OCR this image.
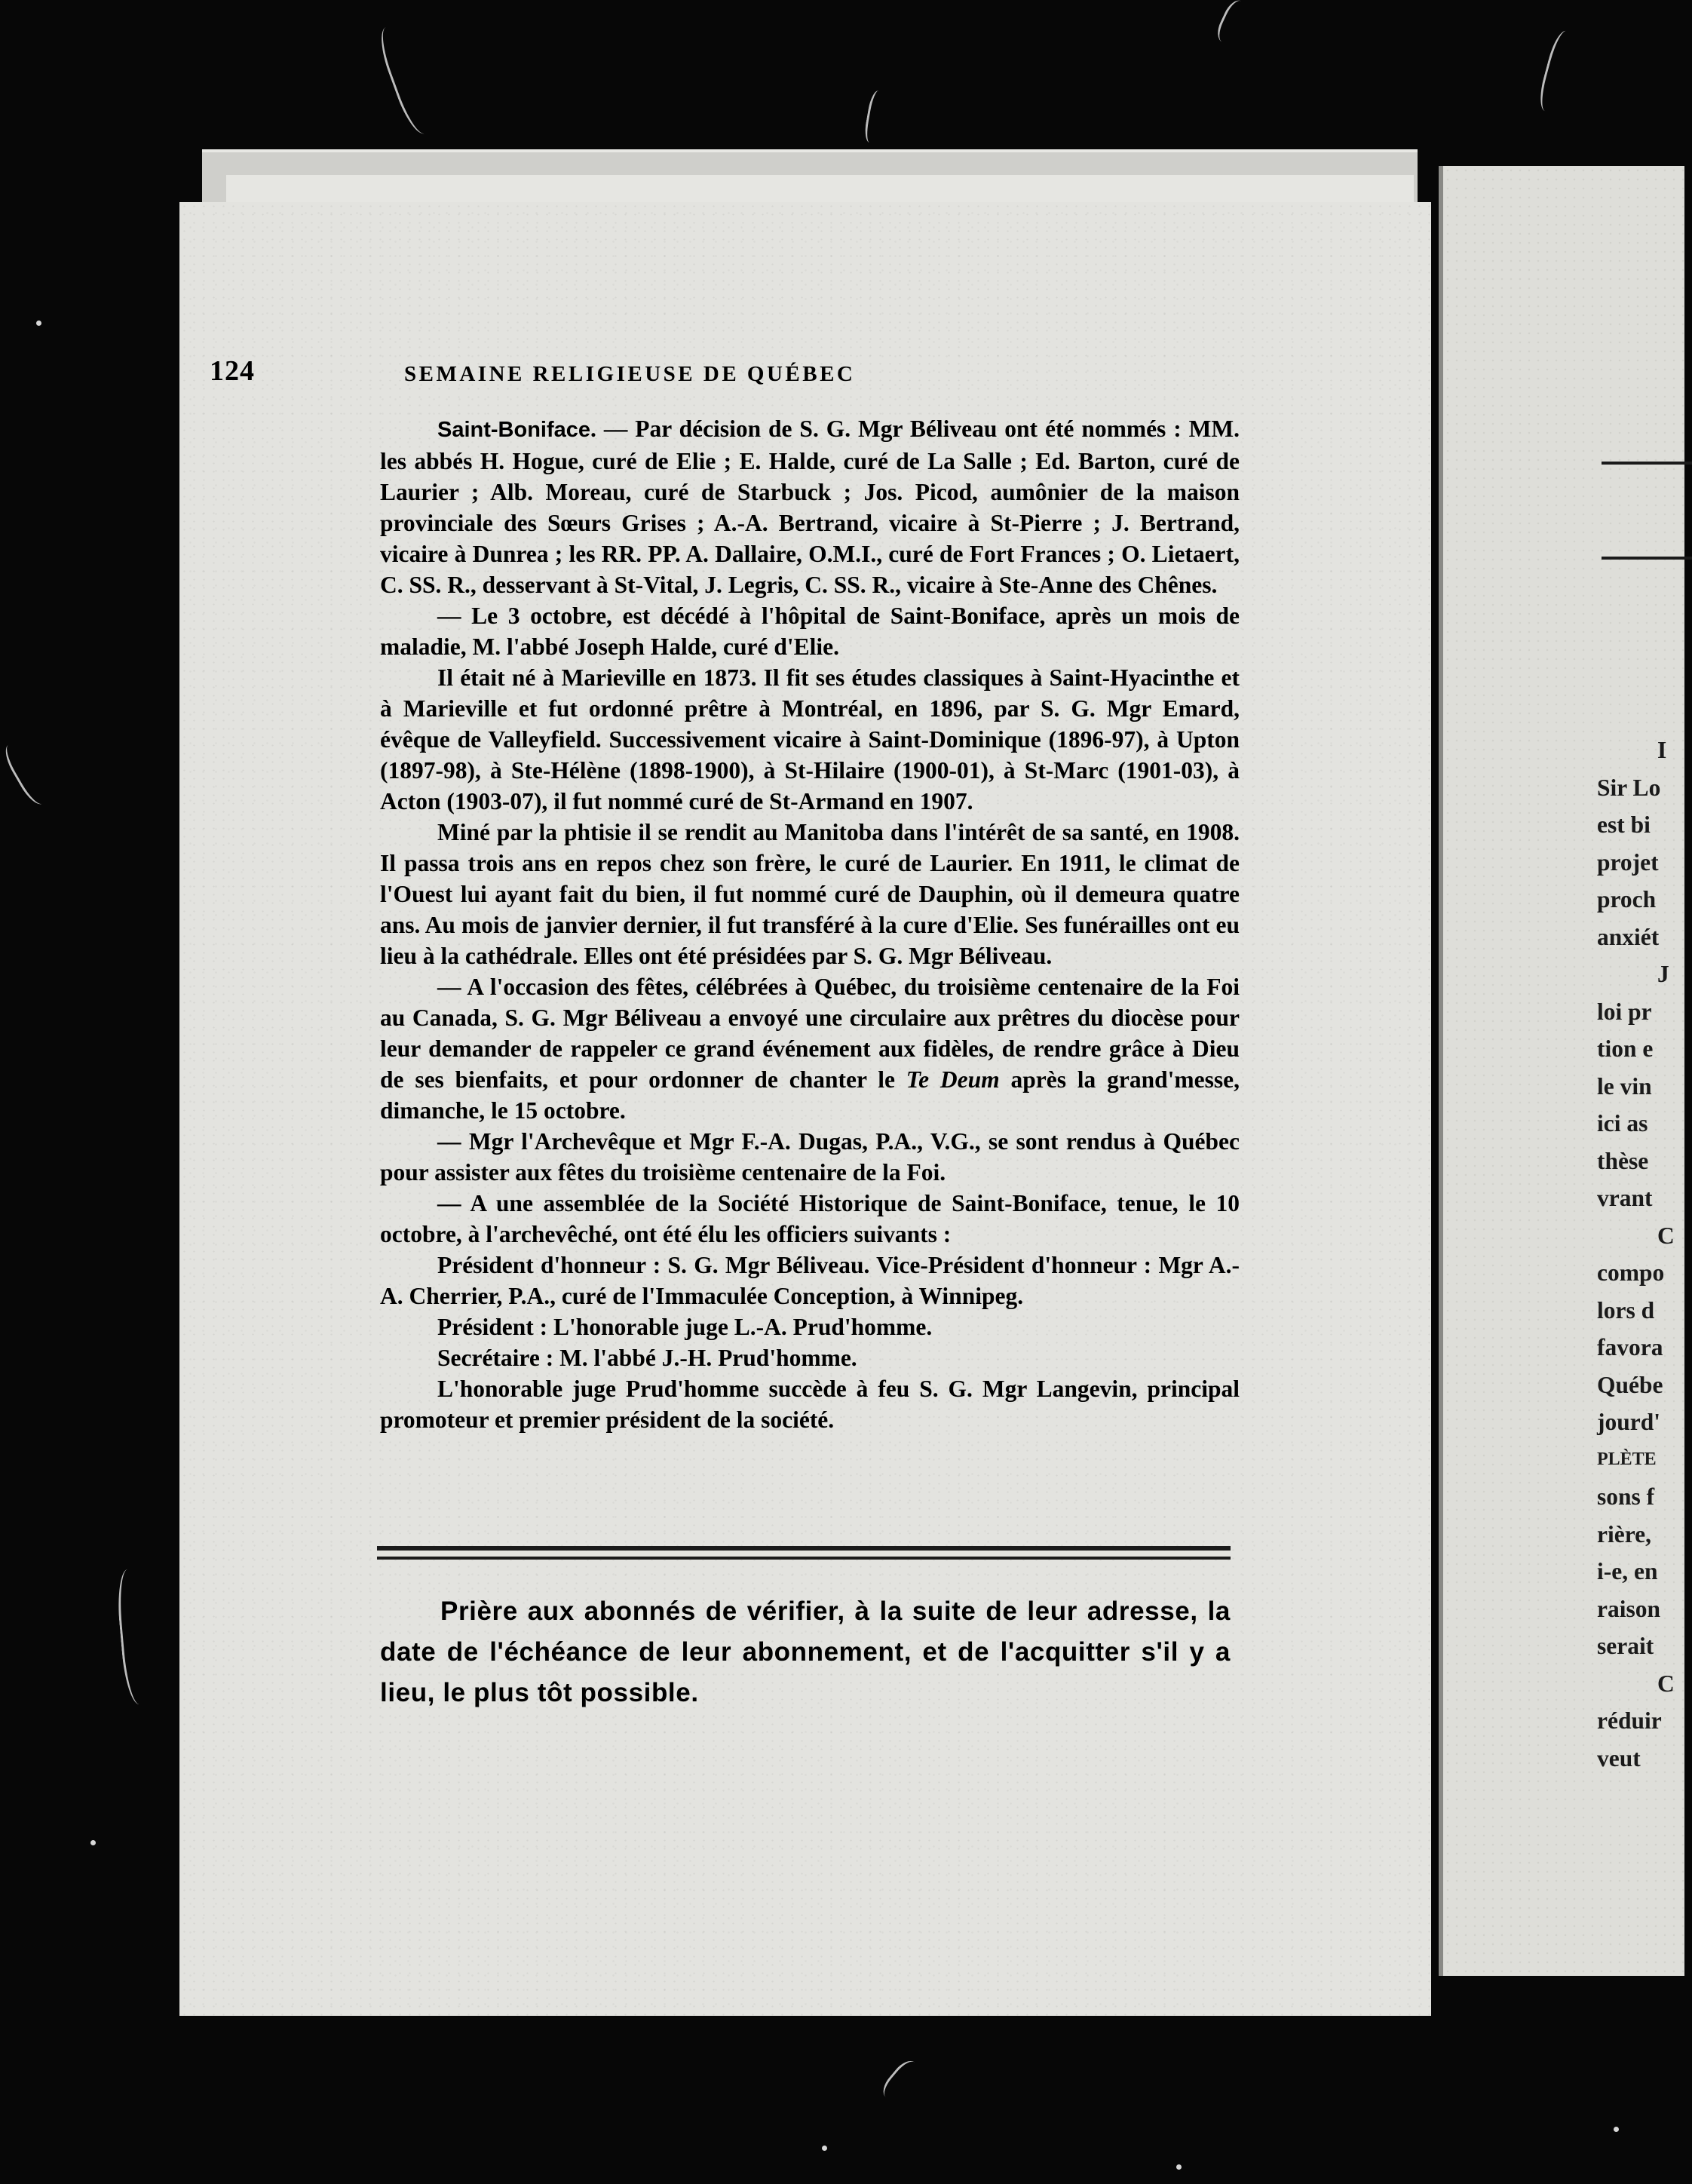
I
Sir Lo
est bi
projet
proch
anxiét
J
loi pr
tion e
le vin
ici as
thèse
vrant
C
compo
lors d
favora
Québe
jourd'
PLÈTE
sons f
rière,
i-e, en
raison
serait
C
réduir
veut
124	SEMAINE RELIGIEUSE DE QUÉBEC

Saint-Boniface. — Par décision de S. G. Mgr Béliveau ont été nommés : MM. les abbés H. Hogue, curé de Elie ; E. Halde, curé de La Salle ; Ed. Barton, curé de Laurier ; Alb. Moreau, curé de Starbuck ; Jos. Picod, aumônier de la maison provinciale des Sœurs Grises ; A.-A. Bertrand, vicaire à St-Pierre ; J. Bertrand, vicaire à Dunrea ; les RR. PP. A. Dallaire, O.M.I., curé de Fort Frances ; O. Lietaert, C. SS. R., desservant à St-Vital, J. Legris, C. SS. R., vicaire à Ste-Anne des Chênes.

— Le 3 octobre, est décédé à l'hôpital de Saint-Boniface, après un mois de maladie, M. l'abbé Joseph Halde, curé d'Elie.

Il était né à Marieville en 1873. Il fit ses études classiques à Saint-Hyacinthe et à Marieville et fut ordonné prêtre à Montréal, en 1896, par S. G. Mgr Emard, évêque de Valleyfield. Successivement vicaire à Saint-Dominique (1896-97), à Upton (1897-98), à Ste-Hélène (1898-1900), à St-Hilaire (1900-01), à St-Marc (1901-03), à Acton (1903-07), il fut nommé curé de St-Armand en 1907.

Miné par la phtisie il se rendit au Manitoba dans l'intérêt de sa santé, en 1908. Il passa trois ans en repos chez son frère, le curé de Laurier. En 1911, le climat de l'Ouest lui ayant fait du bien, il fut nommé curé de Dauphin, où il demeura quatre ans. Au mois de janvier dernier, il fut transféré à la cure d'Elie. Ses funérailles ont eu lieu à la cathédrale. Elles ont été présidées par S. G. Mgr Béliveau.

— A l'occasion des fêtes, célébrées à Québec, du troisième centenaire de la Foi au Canada, S. G. Mgr Béliveau a envoyé une circulaire aux prêtres du diocèse pour leur demander de rappeler ce grand événement aux fidèles, de rendre grâce à Dieu de ses bienfaits, et pour ordonner de chanter le Te Deum après la grand'messe, dimanche, le 15 octobre.

— Mgr l'Archevêque et Mgr F.-A. Dugas, P.A., V.G., se sont rendus à Québec pour assister aux fêtes du troisième centenaire de la Foi.

— A une assemblée de la Société Historique de Saint-Boniface, tenue, le 10 octobre, à l'archevêché, ont été élu les officiers suivants :

Président d'honneur : S. G. Mgr Béliveau. Vice-Président d'honneur : Mgr A.-A. Cherrier, P.A., curé de l'Immaculée Conception, à Winnipeg.

Président : L'honorable juge L.-A. Prud'homme.

Secrétaire : M. l'abbé J.-H. Prud'homme.

L'honorable juge Prud'homme succède à feu S. G. Mgr Langevin, principal promoteur et premier président de la société.

Prière aux abonnés de vérifier, à la suite de leur adresse, la date de l'échéance de leur abonnement, et de l'acquitter s'il y a lieu, le plus tôt possible.
